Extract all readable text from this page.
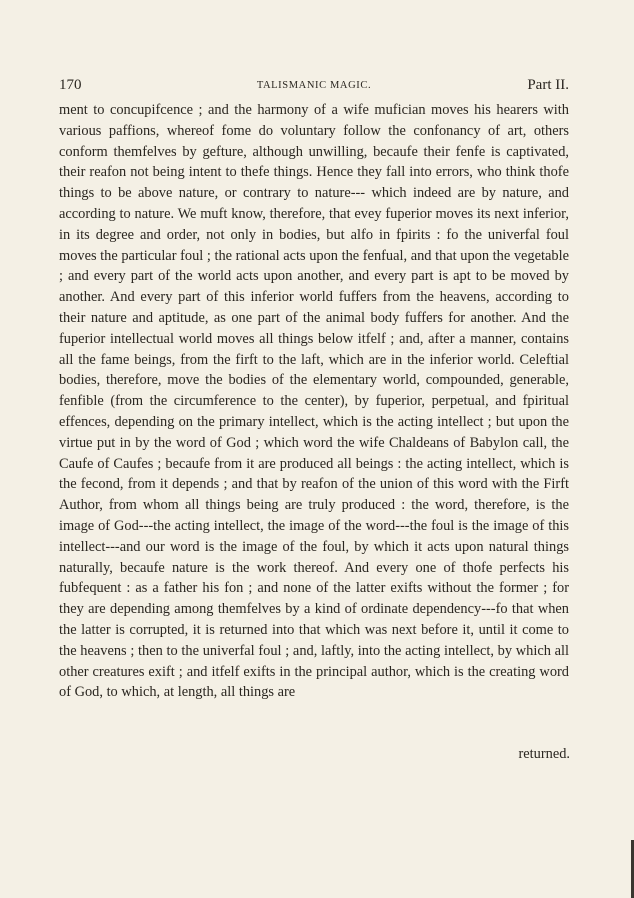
170	TALISMANIC MAGIC.	Part II.

ment to concupifcence ; and the harmony of a wife mufician moves his hearers with various paffions, whereof fome do voluntary follow the confonancy of art, others conform themfelves by gefture, although unwilling, becaufe their fenfe is captivated, their reafon not being intent to thefe things. Hence they fall into errors, who think thofe things to be above nature, or contrary to nature--- which indeed are by nature, and according to nature. We muft know, therefore, that evey fuperior moves its next inferior, in its degree and order, not only in bodies, but alfo in fpirits : fo the univerfal foul moves the particular foul ; the rational acts upon the fenfual, and that upon the vegetable ; and every part of the world acts upon another, and every part is apt to be moved by another. And every part of this inferior world fuffers from the heavens, according to their nature and aptitude, as one part of the animal body fuffers for another. And the fuperior intellectual world moves all things below itfelf ; and, after a manner, contains all the fame beings, from the firft to the laft, which are in the inferior world. Celeftial bodies, therefore, move the bodies of the elementary world, compounded, generable, fenfible (from the circumference to the center), by fuperior, perpetual, and fpiritual effences, depending on the primary intellect, which is the acting intellect ; but upon the virtue put in by the word of God ; which word the wife Chaldeans of Babylon call, the Caufe of Caufes ; becaufe from it are produced all beings : the acting intellect, which is the fecond, from it depends ; and that by reafon of the union of this word with the Firft Author, from whom all things being are truly produced : the word, therefore, is the image of God---the acting intellect, the image of the word---the foul is the image of this intellect---and our word is the image of the foul, by which it acts upon natural things naturally, becaufe nature is the work thereof. And every one of thofe perfects his fubfequent : as a father his fon ; and none of the latter exifts without the former ; for they are depending among themfelves by a kind of ordinate dependency---fo that when the latter is corrupted, it is returned into that which was next before it, until it come to the heavens ; then to the univerfal foul ; and, laftly, into the acting intellect, by which all other creatures exift ; and itfelf exifts in the principal author, which is the creating word of God, to which, at length, all things are

returned.
